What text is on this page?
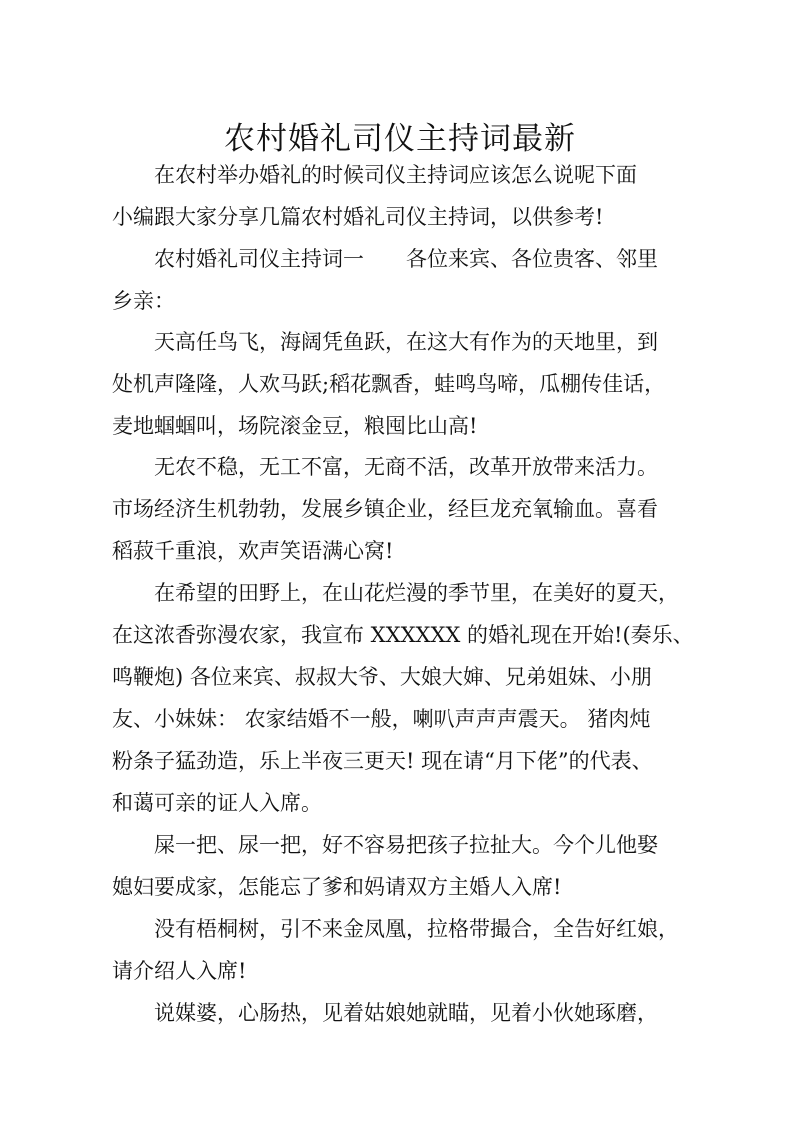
农村婚礼司仪主持词最新

在农村举办婚礼的时候司仪主持词应该怎么说呢下面
小编跟大家分享几篇农村婚礼司仪主持词，以供参考!

农村婚礼司仪主持词一　　各位来宾、各位贵客、邻里
乡亲：

天高任鸟飞，海阔凭鱼跃，在这大有作为的天地里，到
处机声隆隆，人欢马跃;稻花飘香，蛙鸣鸟啼，瓜棚传佳话，
麦地蝈蝈叫，场院滚金豆，粮囤比山高!

无农不稳，无工不富，无商不活，改革开放带来活力。
市场经济生机勃勃，发展乡镇企业，经巨龙充氧输血。喜看
稻菽千重浪，欢声笑语满心窝!

在希望的田野上，在山花烂漫的季节里，在美好的夏天，
在这浓香弥漫农家，我宣布 XXXXXX 的婚礼现在开始!(奏乐、
鸣鞭炮) 各位来宾、叔叔大爷、大娘大婶、兄弟姐妹、小朋
友、小妹妹： 农家结婚不一般，喇叭声声声震天。 猪肉炖
粉条子猛劲造，乐上半夜三更天! 现在请“月下佬”的代表、
和蔼可亲的证人入席。

屎一把、尿一把，好不容易把孩子拉扯大。今个儿他娶
媳妇要成家，怎能忘了爹和妈请双方主婚人入席!

没有梧桐树，引不来金凤凰，拉格带撮合，全告好红娘，
请介绍人入席!

说媒婆，心肠热，见着姑娘她就瞄，见着小伙她琢磨，
